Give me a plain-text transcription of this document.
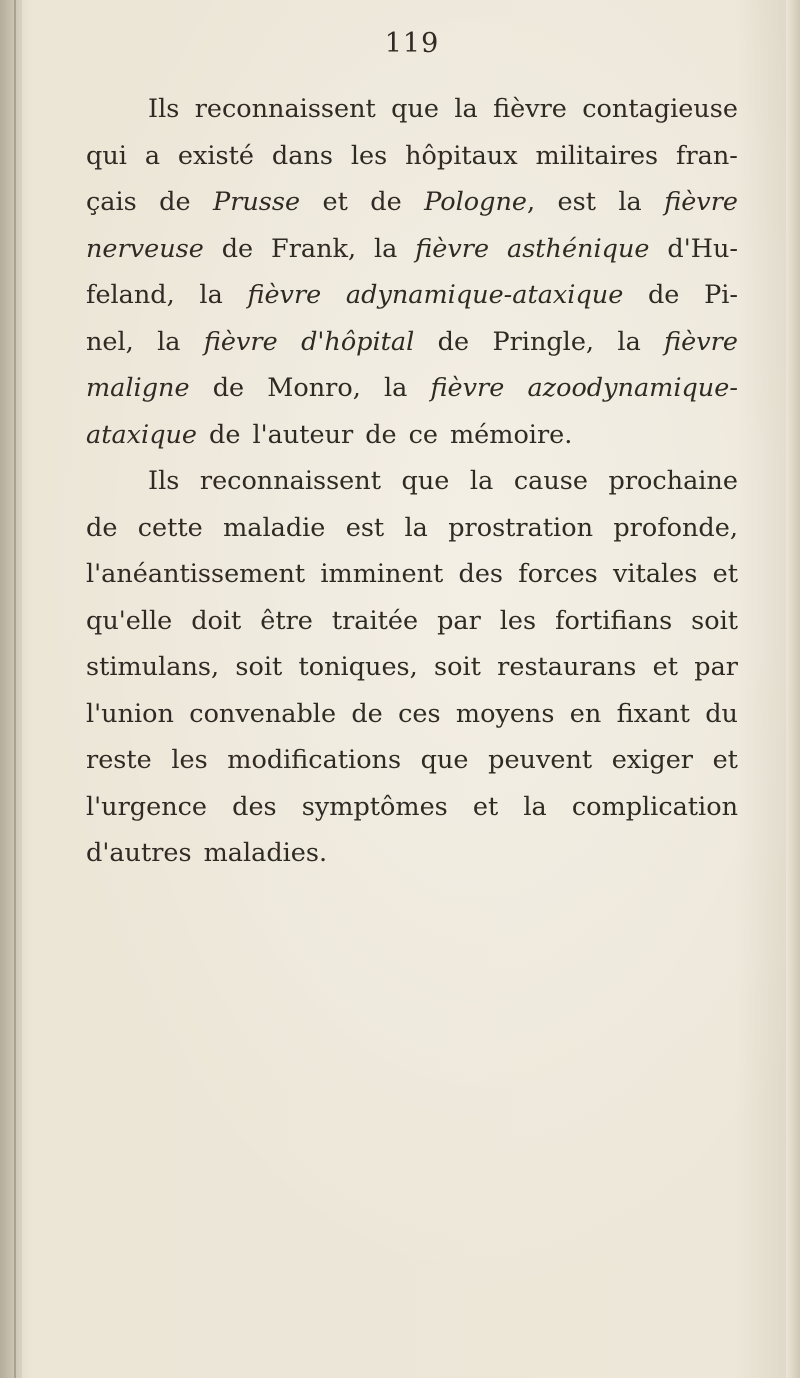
119
Ils reconnaissent que la fièvre contagieuse
qui a existé dans les hôpitaux militaires fran-
çais de Prusse et de Pologne, est la fièvre
nerveuse de Frank, la fièvre asthénique d'Hu-
feland, la fièvre adynamique-ataxique de Pi-
nel, la fièvre d'hôpital de Pringle, la fièvre
maligne de Monro, la fièvre azoodynamique-
ataxique de l'auteur de ce mémoire.
Ils reconnaissent que la cause prochaine
de cette maladie est la prostration profonde,
l'anéantissement imminent des forces vitales et
qu'elle doit être traitée par les fortifians soit
stimulans, soit toniques, soit restaurans et par
l'union convenable de ces moyens en fixant du
reste les modifications que peuvent exiger et
l'urgence des symptômes et la complication
d'autres maladies.
